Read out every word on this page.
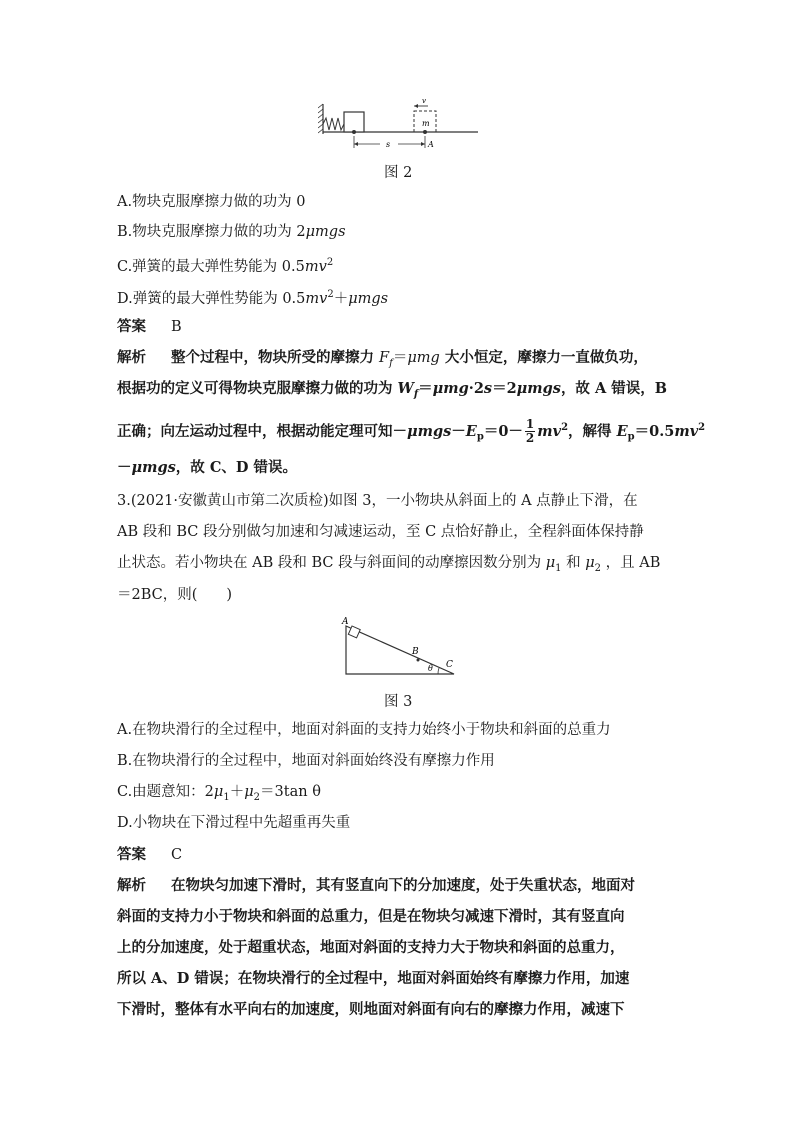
m
v
s	A
图 2
A.物块克服摩擦力做的功为 0
B.物块克服摩擦力做的功为 2μmgs
C.弹簧的最大弹性势能为 $0.5mv^2$
D.弹簧的最大弹性势能为 $0.5mv^2+\mu mgs$
答案 B
解析 整个过程中，物块所受的摩擦力 $F_f=\mu mg$ 大小恒定，摩擦力一直做负功，
根据功的定义可得物块克服摩擦力做的功为 $W_f=\mu mg\cdot 2s=2\mu mgs$，故 A 错误，B
正确；向左运动过程中，根据动能定理可知$-\mu mgs-E_p=0- \frac{1}{2} mv^2$，解得 $E_p=0.5mv^2$
－μmgs，故 C、D 错误。
3.(2021·安徽黄山市第二次质检)如图 3，一小物块从斜面上的 A 点静止下滑，在
AB 段和 BC 段分别做匀加速和匀减速运动，至 C 点恰好静止，全程斜面体保持静
止状态。若小物块在 AB 段和 BC 段与斜面间的动摩擦因数分别为 $\mu_1$ 和 $\mu_2$ ，且 AB
＝2BC，则(　　)
A
B
θ C
图 3
A.在物块滑行的全过程中，地面对斜面的支持力始终小于物块和斜面的总重力
B.在物块滑行的全过程中，地面对斜面始终没有摩擦力作用
C.由题意知：$2\mu_1+\mu_2=3\tan$ θ
D.小物块在下滑过程中先超重再失重
答案 C
解析 在物块匀加速下滑时，其有竖直向下的分加速度，处于失重状态，地面对
斜面的支持力小于物块和斜面的总重力，但是在物块匀减速下滑时，其有竖直向
上的分加速度，处于超重状态，地面对斜面的支持力大于物块和斜面的总重力，
所以 A、D 错误；在物块滑行的全过程中，地面对斜面始终有摩擦力作用，加速
下滑时，整体有水平向右的加速度，则地面对斜面有向右的摩擦力作用，减速下
